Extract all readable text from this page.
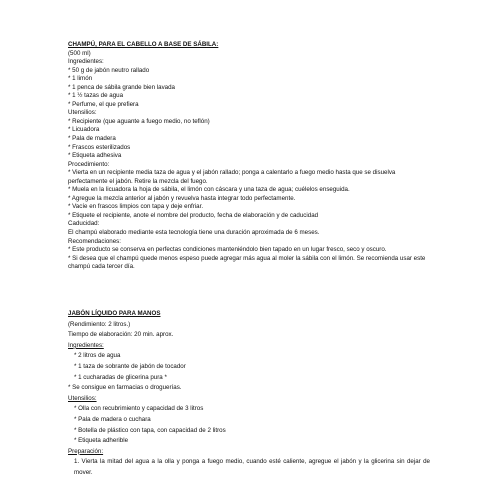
CHAMPÚ, PARA EL CABELLO A BASE DE SÁBILA:
(500 ml)
Ingredientes:
* 50 g de jabón neutro rallado
* 1 limón
* 1 penca de sábila grande bien lavada
* 1 ½ tazas de agua
* Perfume, el que prefiera
Utensilios:
* Recipiente (que aguante a fuego medio, no teflón)
* Licuadora
* Pala de madera
* Frascos esterilizados
* Etiqueta adhesiva
Procedimiento:
* Vierta en un recipiente media taza de agua y el jabón rallado; ponga a calentarlo a fuego medio hasta que se disuelva perfectamente el jabón. Retire la mezcla del fuego.
* Muela en la licuadora la hoja de sábila, el limón con cáscara y una taza de agua; cuélelos enseguida.
* Agregue la mezcla anterior al jabón y revuelva hasta integrar todo perfectamente.
* Vacíe en frascos limpios con tapa y deje enfriar.
* Etiquete el recipiente, anote el nombre del producto, fecha de elaboración y de caducidad
Caducidad:
El champú elaborado mediante esta tecnología tiene una duración aproximada de 6 meses.
Recomendaciones:
* Este producto se conserva en perfectas condiciones manteniéndolo bien tapado en un lugar fresco, seco y oscuro.
* Si desea que el champú quede menos espeso puede agregar más agua al moler la sábila con el limón. Se recomienda usar este champú cada tercer día.
JABÓN LÍQUIDO PARA MANOS
(Rendimiento: 2 litros.)
Tiempo de elaboración: 20 min. aprox.
Ingredientes:
* 2 litros de agua
* 1 taza de sobrante de jabón de tocador
* 1 cucharadas de glicerina pura *
* Se consigue en farmacias o droguerías.
Utensilios:
* Olla con recubrimiento y capacidad de 3 litros
* Pala de madera o cuchara
* Botella de plástico con tapa, con capacidad de 2 litros
* Etiqueta adherible
Preparación:
1. Vierta la mitad del agua a la olla y ponga a fuego medio, cuando esté caliente, agregue el jabón y la glicerina sin dejar de mover.
